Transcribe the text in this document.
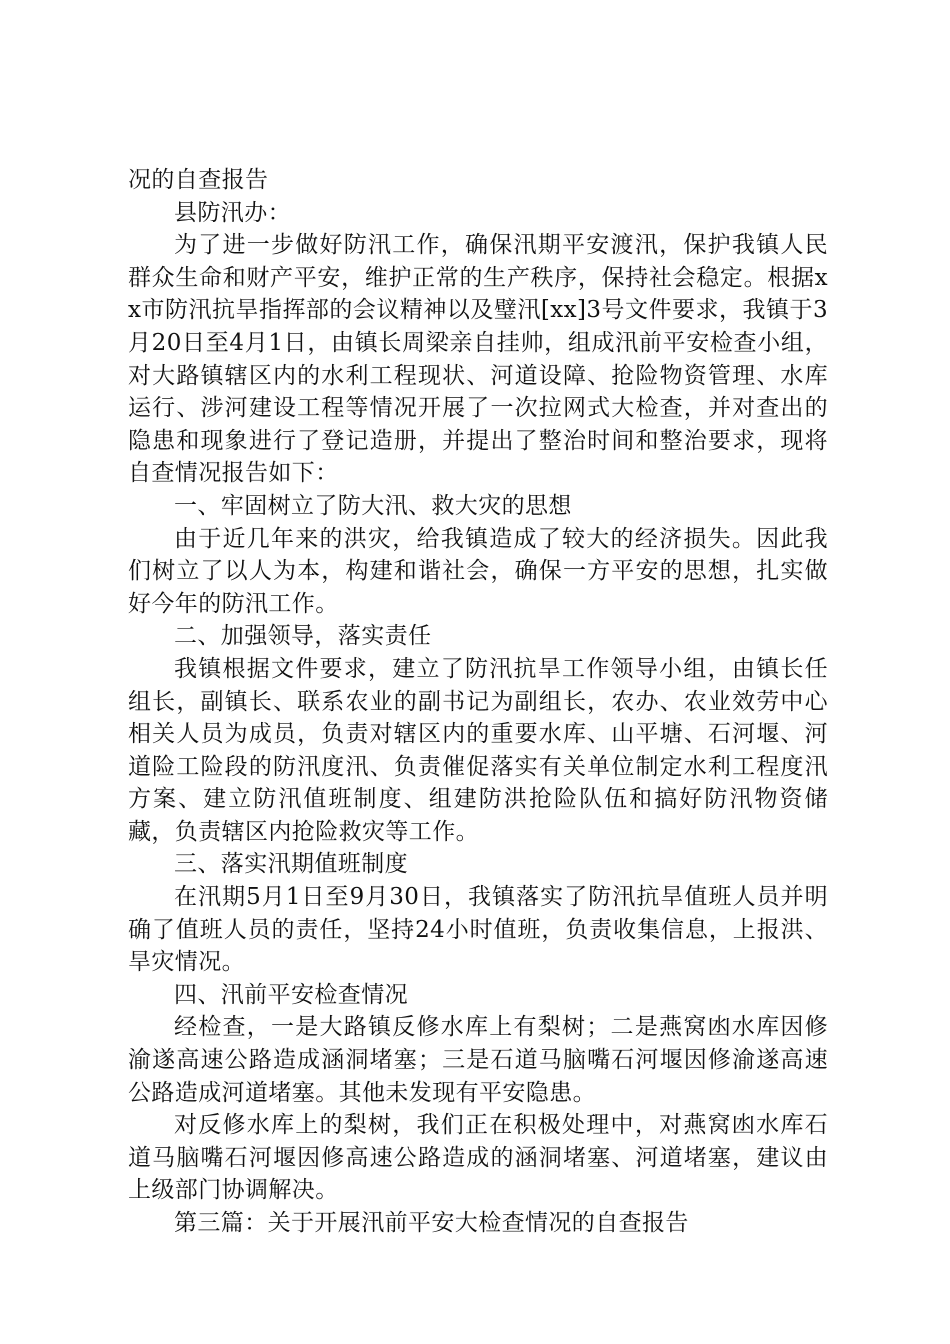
况的自查报告

县防汛办：

为了进一步做好防汛工作，确保汛期平安渡汛，保护我镇人民群众生命和财产平安，维护正常的生产秩序，保持社会稳定。根据xx市防汛抗旱指挥部的会议精神以及璧汛[xx]3号文件要求，我镇于3月20日至4月1日，由镇长周梁亲自挂帅，组成汛前平安检查小组，对大路镇辖区内的水利工程现状、河道设障、抢险物资管理、水库运行、涉河建设工程等情况开展了一次拉网式大检查，并对查出的隐患和现象进行了登记造册，并提出了整治时间和整治要求，现将自查情况报告如下：

一、牢固树立了防大汛、救大灾的思想

由于近几年来的洪灾，给我镇造成了较大的经济损失。因此我们树立了以人为本，构建和谐社会，确保一方平安的思想，扎实做好今年的防汛工作。

二、加强领导，落实责任

我镇根据文件要求，建立了防汛抗旱工作领导小组，由镇长任组长，副镇长、联系农业的副书记为副组长，农办、农业效劳中心相关人员为成员，负责对辖区内的重要水库、山平塘、石河堰、河道险工险段的防汛度汛、负责催促落实有关单位制定水利工程度汛方案、建立防汛值班制度、组建防洪抢险队伍和搞好防汛物资储藏，负责辖区内抢险救灾等工作。

三、落实汛期值班制度

在汛期5月1日至9月30日，我镇落实了防汛抗旱值班人员并明确了值班人员的责任，坚持24小时值班，负责收集信息，上报洪、旱灾情况。

四、汛前平安检查情况

经检查，一是大路镇反修水库上有梨树；二是燕窝凼水库因修渝遂高速公路造成涵洞堵塞；三是石道马脑嘴石河堰因修渝遂高速公路造成河道堵塞。其他未发现有平安隐患。

对反修水库上的梨树，我们正在积极处理中，对燕窝凼水库石道马脑嘴石河堰因修高速公路造成的涵洞堵塞、河道堵塞，建议由上级部门协调解决。

第三篇：关于开展汛前平安大检查情况的自查报告
